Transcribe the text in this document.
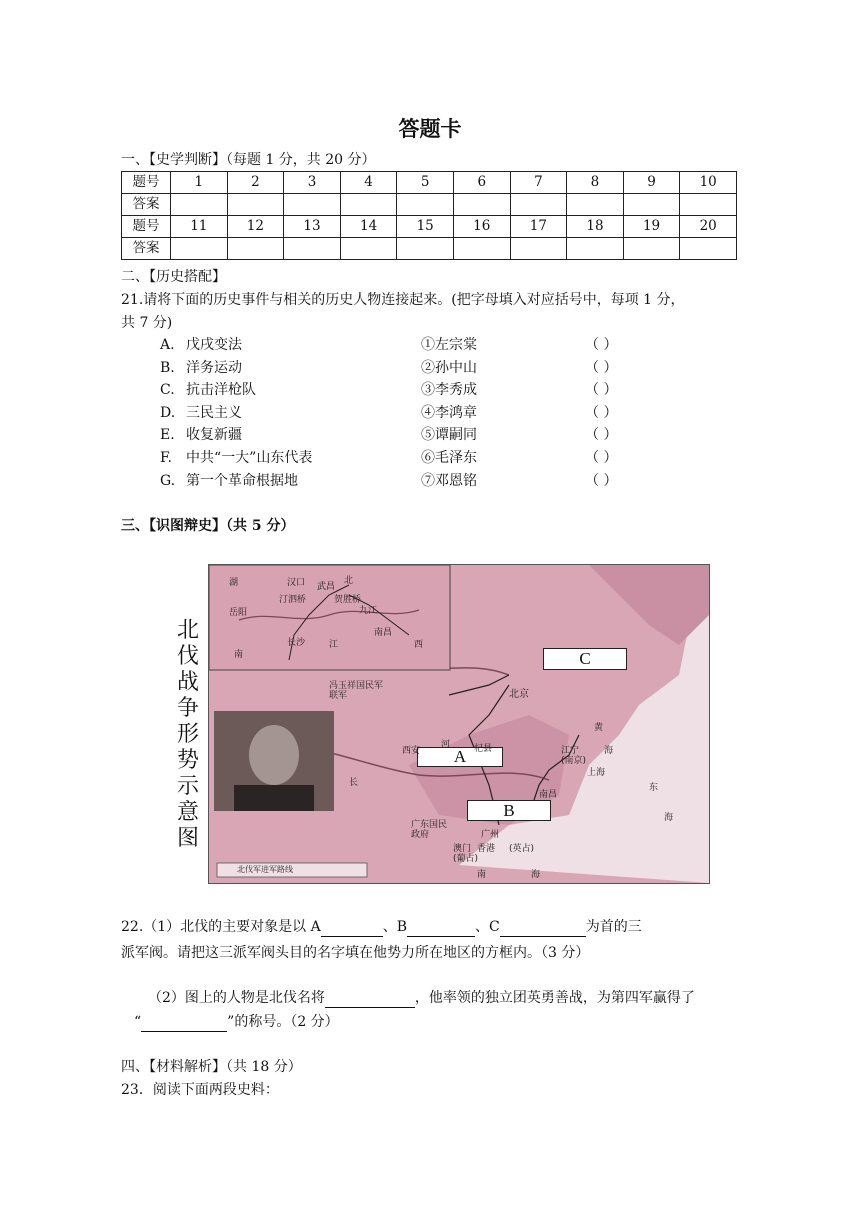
答题卡
一、【史学判断】（每题 1 分，共 20 分）
题号	1	2	3	4	5	6	7	8	9	10
答案										
题号	11	12	13	14	15	16	17	18	19	20
答案										
二、【历史搭配】
21.请将下面的历史事件与相关的历史人物连接起来。(把字母填入对应括号中，每项 1 分，
共 7 分)
A. 戊戌变法	①左宗棠	（ ）
B. 洋务运动	②孙中山	（ ）
C. 抗击洋枪队	③李秀成	（ ）
D. 三民主义	④李鸿章	（ ）
E. 收复新疆	⑤谭嗣同	（ ）
F. 中共“一大”山东代表	⑥毛泽东	（ ）
G. 第一个革命根据地	⑦邓恩铭	（ ）
三、【识图辩史】（共 5 分）
北伐战争形势示意图
C
A
B
湖	汉口 武昌
北
汀泗桥	贺胜桥
九江
岳阳
长沙	江
南昌
西
南
冯玉祥国民军联军	北京
河
西安	杞县
黄
海
东
海
江宁
(南京)
上海
南昌
长
广东国民
政府	广州
香港 (英占)
澳门
(葡占)
南	海
北伐军进军路线
22.（1）北伐的主要对象是以 A	、B	、C	为首的三
派军阀。请把这三派军阀头目的名字填在他势力所在地区的方框内。（3 分）
（2）图上的人物是北伐名将	，他率领的独立团英勇善战，为第四军赢得了
“	”的称号。（2 分）
四、【材料解析】（共 18 分）
23．阅读下面两段史料：
